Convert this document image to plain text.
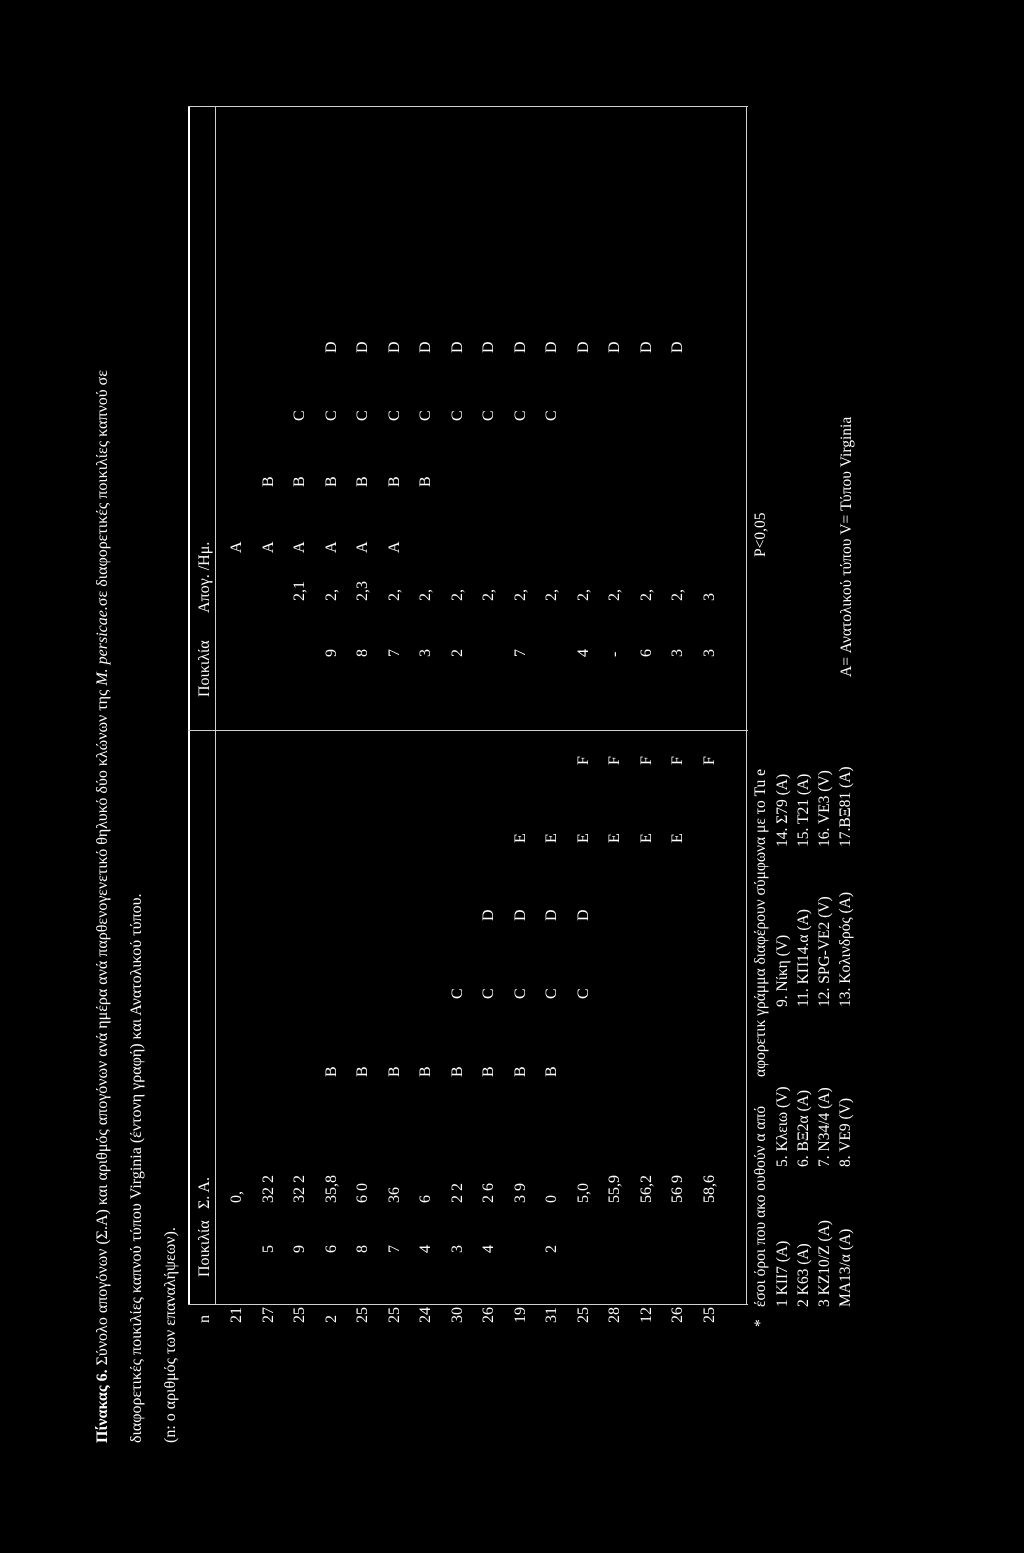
Πίνακας 6. Σύνολο απογόνων (Σ.Α) και αριθμός απογόνων ανά ημέρα ανά παρθενογενετικό θηλυκό δύο κλώνων της M. persicae.σε διαφορετικές ποικιλίες καπνού σε
διαφορετικές ποικιλίες καπνού τύπου Virginia (έντονη γραφή) και Ανατολικού τύπου. (n: ο αριθμός των επαναλήψεων). n
Ποικιλία
Σ. Α.
Ποικιλία
Απογ. /Ημ.
21
0,
A
27
5
32 2
A
B
25
9
32 2
2,1
A
B
C
2
6
35,8
B
9
2,
A
B
C
D
25
8
6 0
B
8
2,3
A
B
C
D
25
7
36
B
7
2,
A
B
C
D
24
4
6
B
3
2,
B
C
D
30
3
2 2
B
C
2
2,
C
D
26
4
2 6
B
C
D
2,
C
D
19
3 9
B
C
D
E
7
2,
C
D
31
2
0
B
C
D
E
2,
C
D
25
5,0
C
D
E
F
4
2,
D
28
55,9
E
F
-
2,
D
12
56,2
E
F
6
2,
D
26
56 9
E
F
3
2,
D
25
58,6
F
3
3
*
έσοι όροι που ακο ουθούν α από
αφορετικ γράμμα διαφέρουν σύμφωνα με το Tu e
P<0,05
1 KII7 (A) 2 K63 (A) 3 KZ10/Z (A) MA13/α (A)
5. Κλειω (V) 6. BΞ2α (A) 7. N34/4 (A) 8. VE9 (V)
9. Νίκη (V) 11. KΠ14.α (A) 12. SPG-VE2 (V) 13. Κολινδρός (A)
14. Σ79 (A) 15. T21 (A) 16. VE3 (V) 17.BΞ81 (A)
A= Ανατολικού τύπου V= Τύπου Virginia
